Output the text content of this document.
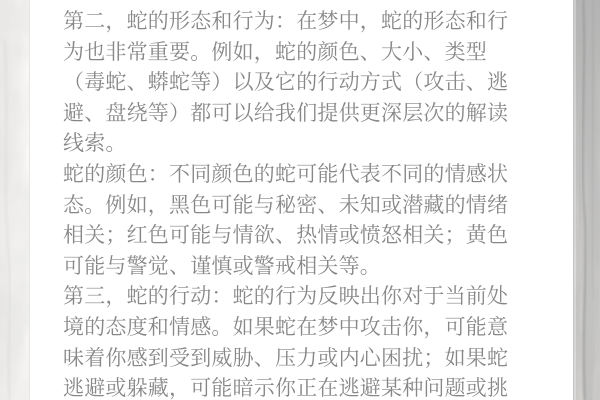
第二，蛇的形态和行为：在梦中，蛇的形态和行
为也非常重要。例如，蛇的颜色、大小、类型
（毒蛇、蟒蛇等）以及它的行动方式（攻击、逃
避、盘绕等）都可以给我们提供更深层次的解读
线索。
蛇的颜色：不同颜色的蛇可能代表不同的情感状
态。例如，黑色可能与秘密、未知或潜藏的情绪
相关；红色可能与情欲、热情或愤怒相关；黄色
可能与警觉、谨慎或警戒相关等。
第三，蛇的行动：蛇的行为反映出你对于当前处
境的态度和情感。如果蛇在梦中攻击你，可能意
味着你感到受到威胁、压力或内心困扰；如果蛇
逃避或躲藏，可能暗示你正在逃避某种问题或挑
